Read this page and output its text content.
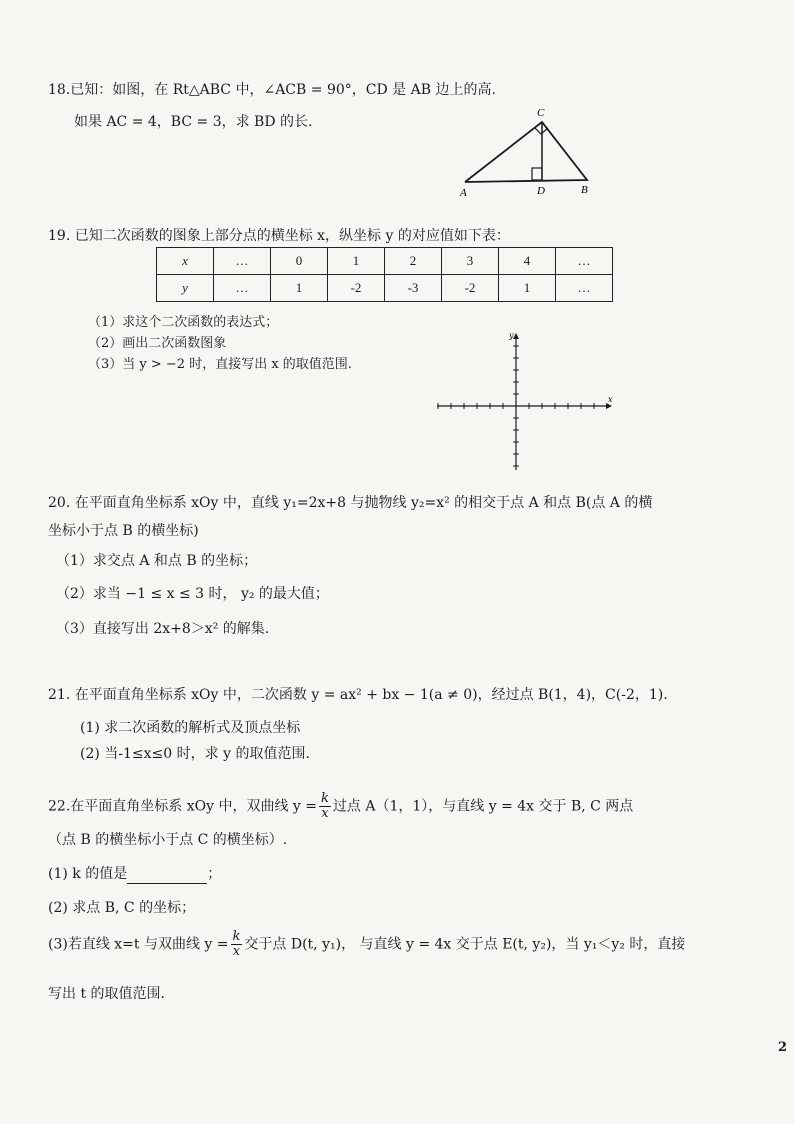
18.已知：如图，在 Rt△ABC 中，∠ACB = 90°，CD 是 AB 边上的高.
如果 AC = 4，BC = 3，求 BD 的长.
C
A	D	B
19. 已知二次函数的图象上部分点的横坐标 x，纵坐标 y 的对应值如下表：
x	…	0	1	2	3	4	…
y	…	1	-2	-3	-2	1	…
（1）求这个二次函数的表达式；
（2）画出二次函数图象
（3）当 y > −2 时，直接写出 x 的取值范围.
x
y
20. 在平面直角坐标系 xOy 中，直线 y₁=2x+8 与抛物线 y₂=x² 的相交于点 A 和点 B(点 A 的横
坐标小于点 B 的横坐标)
（1）求交点 A 和点 B 的坐标；
（2）求当 −1 ≤ x ≤ 3 时， y₂ 的最大值；
（3）直接写出 2x+8＞x² 的解集.
21. 在平面直角坐标系 xOy 中，二次函数 y = ax² + bx − 1(a ≠ 0)，经过点 B(1，4)，C(-2，1).
(1) 求二次函数的解析式及顶点坐标
(2) 当-1≤x≤0 时，求 y 的取值范围.
22.在平面直角坐标系 xOy 中，双曲线 $y = \frac{k}{x}$ 过点 A（1，1），与直线 y = 4x 交于 B, C 两点
（点 B 的横坐标小于点 C 的横坐标）.
(1) k 的值是	；
(2) 求点 B, C 的坐标；
(3)若直线 x=t 与双曲线 $y = \frac{k}{x}$ 交于点 D(t, y₁)， 与直线 y = 4x 交于点 E(t, y₂)，当 y₁＜y₂ 时，直接
写出 t 的取值范围.
2
